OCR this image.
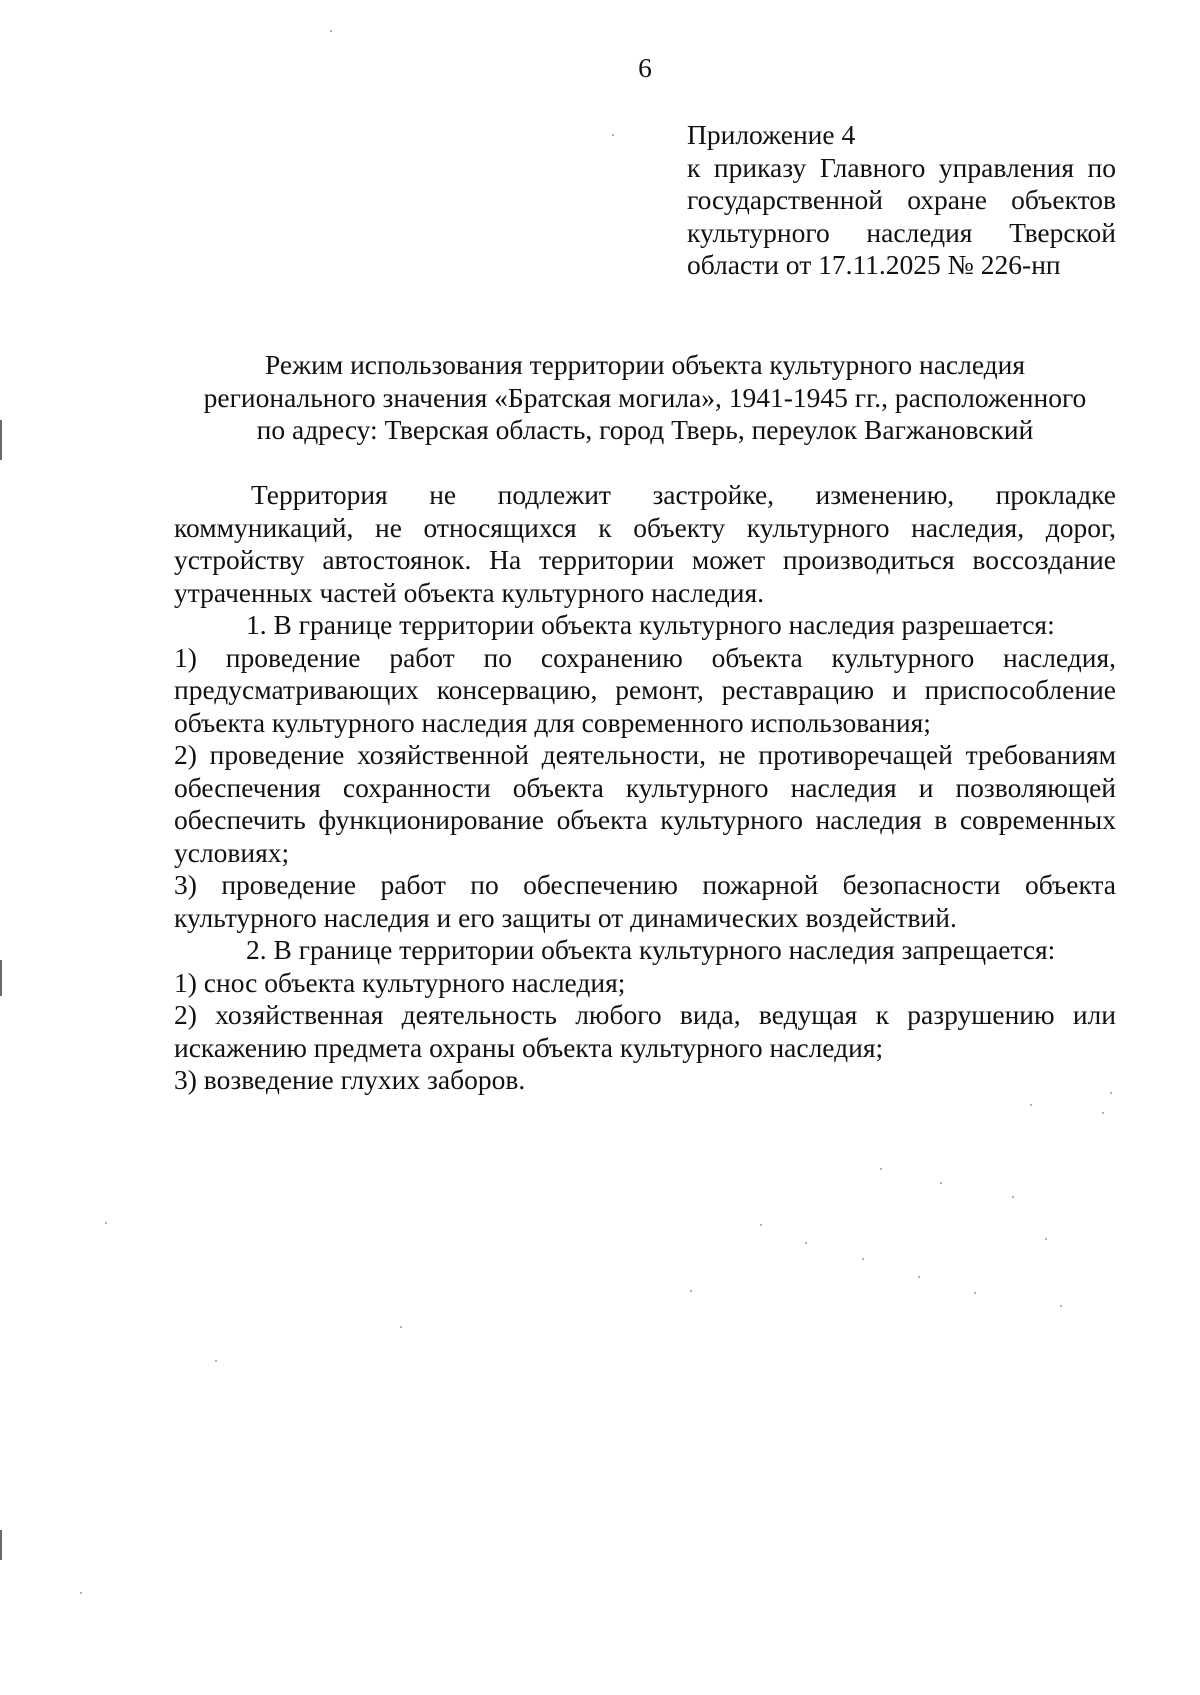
6
Приложение 4
к приказу Главного управления по
государственной охране объектов
культурного наследия Тверской
области от 17.11.2025 № 226-нп
Режим использования территории объекта культурного наследия
регионального значения «Братская могила», 1941-1945 гг., расположенного
по адресу: Тверская область, город Тверь, переулок Вагжановский
Территория не подлежит застройке, изменению, прокладке
коммуникаций, не относящихся к объекту культурного наследия, дорог,
устройству автостоянок. На территории может производиться воссоздание
утраченных частей объекта культурного наследия.
1. В границе территории объекта культурного наследия разрешается:
1) проведение работ по сохранению объекта культурного наследия,
предусматривающих консервацию, ремонт, реставрацию и приспособление
объекта культурного наследия для современного использования;
2) проведение хозяйственной деятельности, не противоречащей требованиям
обеспечения сохранности объекта культурного наследия и позволяющей
обеспечить функционирование объекта культурного наследия в современных
условиях;
3) проведение работ по обеспечению пожарной безопасности объекта
культурного наследия и его защиты от динамических воздействий.
2. В границе территории объекта культурного наследия запрещается:
1) снос объекта культурного наследия;
2) хозяйственная деятельность любого вида, ведущая к разрушению или
искажению предмета охраны объекта культурного наследия;
3) возведение глухих заборов.
